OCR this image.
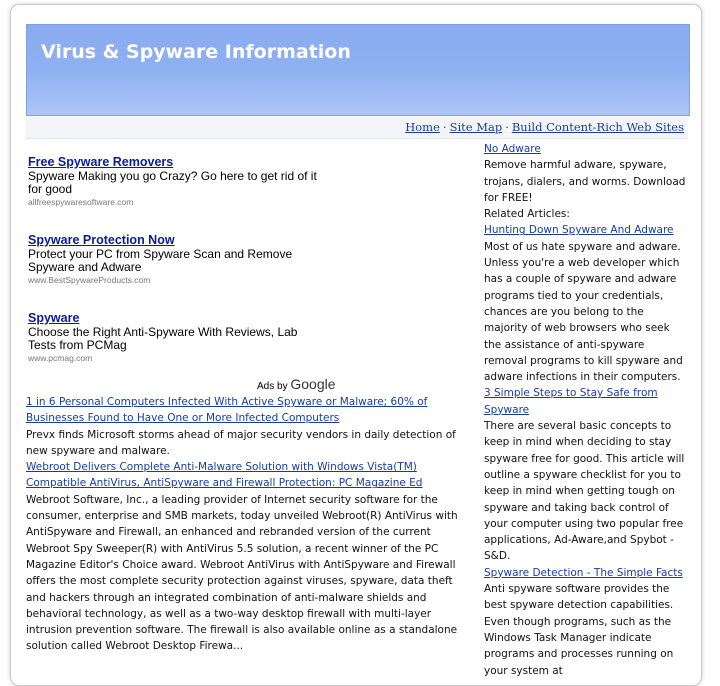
Virus & Spyware Information
Home · Site Map · Build Content-Rich Web Sites
Free Spyware Removers
Spyware Making you go Crazy? Go here to get rid of it for good
allfreespywaresoftware.com
Spyware Protection Now
Protect your PC from Spyware Scan and Remove Spyware and Adware
www.BestSpywareProducts.com
Spyware
Choose the Right Anti-Spyware With Reviews, Lab Tests from PCMag
www.pcmag.com
Ads by Google
1 in 6 Personal Computers Infected With Active Spyware or Malware; 60% of Businesses Found to Have One or More Infected Computers

Prevx finds Microsoft storms ahead of major security vendors in daily detection of new spyware and malware.

Webroot Delivers Complete Anti-Malware Solution with Windows Vista(TM) Compatible AntiVirus, AntiSpyware and Firewall Protection: PC Magazine Ed

Webroot Software, Inc., a leading provider of Internet security software for the consumer, enterprise and SMB markets, today unveiled Webroot(R) AntiVirus with AntiSpyware and Firewall, an enhanced and rebranded version of the current Webroot Spy Sweeper(R) with AntiVirus 5.5 solution, a recent winner of the PC Magazine Editor's Choice award. Webroot AntiVirus with AntiSpyware and Firewall offers the most complete security protection against viruses, spyware, data theft and hackers through an integrated combination of anti-malware shields and behavioral technology, as well as a two-way desktop firewall with multi-layer intrusion prevention software. The firewall is also available online as a standalone solution called Webroot Desktop Firewa...

No Adware

Remove harmful adware, spyware, trojans, dialers, and worms. Download for FREE!

Related Articles:

Hunting Down Spyware And Adware

Most of us hate spyware and adware. Unless you're a web developer which has a couple of spyware and adware programs tied to your credentials, chances are you belong to the majority of web browsers who seek the assistance of anti-spyware removal programs to kill spyware and adware infections in their computers.

3 Simple Steps to Stay Safe from Spyware

There are several basic concepts to keep in mind when deciding to stay spyware free for good. This article will outline a spyware checklist for you to keep in mind when getting tough on spyware and taking back control of your computer using two popular free applications, Ad-Aware,and Spybot - S&D.

Spyware Detection - The Simple Facts

Anti spyware software provides the best spyware detection capabilities. Even though programs, such as the Windows Task Manager indicate programs and processes running on your system at
